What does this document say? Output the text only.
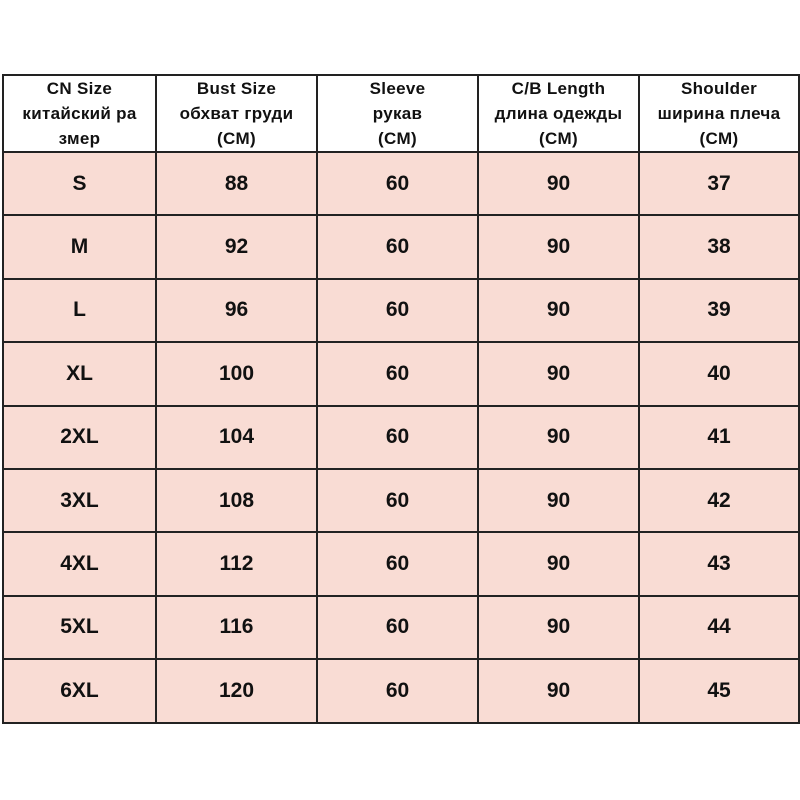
CN Size
китайский ра
змер	Bust Size
обхват груди
(CM)	Sleeve
рукав
(CM)	C/B Length
длина одежды
(CM)	Shoulder
ширина плеча
(CM)

S	88	60	90	37
M	92	60	90	38
L	96	60	90	39
XL	100	60	90	40
2XL	104	60	90	41
3XL	108	60	90	42
4XL	112	60	90	43
5XL	116	60	90	44
6XL	120	60	90	45
